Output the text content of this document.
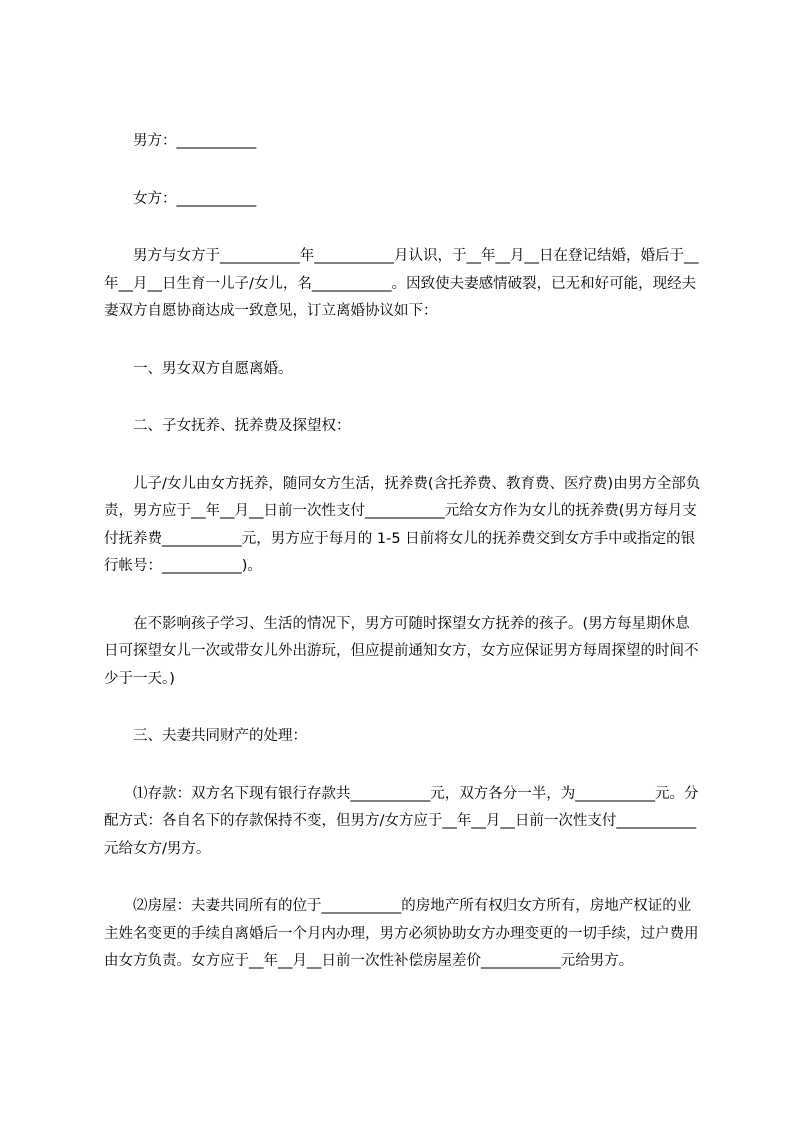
男方：___________

女方：___________

男方与女方于___________年___________月认识，于__年__月__日在登记结婚，婚后于__年__月__日生育一儿子/女儿，名___________。因致使夫妻感情破裂，已无和好可能，现经夫妻双方自愿协商达成一致意见，订立离婚协议如下：

一、男女双方自愿离婚。

二、子女抚养、抚养费及探望权：

儿子/女儿由女方抚养，随同女方生活，抚养费(含托养费、教育费、医疗费)由男方全部负责，男方应于__年__月__日前一次性支付___________元给女方作为女儿的抚养费(男方每月支付抚养费___________元，男方应于每月的 1-5 日前将女儿的抚养费交到女方手中或指定的银行帐号：___________)。

在不影响孩子学习、生活的情况下，男方可随时探望女方抚养的孩子。(男方每星期休息日可探望女儿一次或带女儿外出游玩，但应提前通知女方，女方应保证男方每周探望的时间不少于一天。)

三、夫妻共同财产的处理：

⑴存款：双方名下现有银行存款共___________元，双方各分一半，为___________元。分配方式：各自名下的存款保持不变，但男方/女方应于__年__月__日前一次性支付___________元给女方/男方。

⑵房屋：夫妻共同所有的位于___________的房地产所有权归女方所有，房地产权证的业主姓名变更的手续自离婚后一个月内办理，男方必须协助女方办理变更的一切手续，过户费用由女方负责。女方应于__年__月__日前一次性补偿房屋差价___________元给男方。
